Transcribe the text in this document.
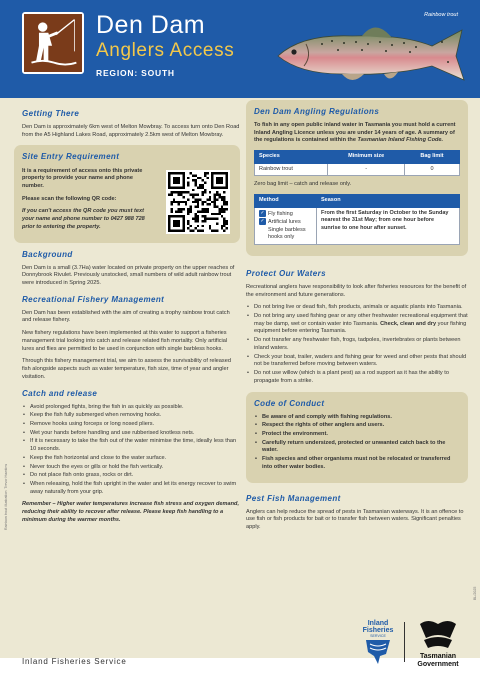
Den Dam
Anglers Access
REGION: SOUTH
Rainbow trout
Getting There

Den Dam is approximately 6km west of Melton Mowbray. To access turn onto Den Road from the A5 Highland Lakes Road, approximately 2.5km west of Melton Mowbray.

Site Entry Requirement

It is a requirement of access onto this private property to provide your name and phone number.

Please scan the following QR code:

If you can't access the QR code you must text your name and phone number to 0427 988 728 prior to entering the property.

Background

Den Dam is a small (3.7Ha) water located on private property on the upper reaches of Donnybrook Rivulet. Previously unstocked, small numbers of wild adult rainbow trout were introduced in Spring 2025.

Recreational Fishery Management

Den Dam has been established with the aim of creating a trophy rainbow trout catch and release fishery.

New fishery regulations have been implemented at this water to support a fisheries management trial looking into catch and release related fish mortality. Only artificial lures and flies are permitted to be used in conjunction with single barbless hooks.

Through this fishery management trial, we aim to assess the survivability of released fish alongside aspects such as water temperature, fish size, time of year and angler visitation.

Catch and release
• Avoid prolonged fights, bring the fish in as quickly as possible.
• Keep the fish fully submerged when removing hooks.
• Remove hooks using forceps or long nosed pliers.
• Wet your hands before handling and use rubberised knotless nets.
• If it is necessary to take the fish out of the water minimise the time, ideally less than 10 seconds.
• Keep the fish horizontal and close to the water surface.
• Never touch the eyes or gills or hold the fish vertically.
• Do not place fish onto grass, rocks or dirt.
• When releasing, hold the fish upright in the water and let its energy recover to swim away naturally from your grip.

Remember – Higher water temperatures increase fish stress and oxygen demand, reducing their ability to recover after release. Please keep fish handling to a minimum during the warmer months.

Den Dam Angling Regulations

To fish in any open public inland water in Tasmania you must hold a current Inland Angling Licence unless you are under 14 years of age. A summary of the regulations is contained within the Tasmanian Inland Fishing Code.

Species	Minimum size	Bag limit
Rainbow trout	-	0

Zero bag limit – catch and release only.

Method	Season

✓ Fly fishing
✓ Artificial lures
Single barbless hooks only	From the first Saturday in October to the Sunday nearest the 31st May; from one hour before sunrise to one hour after sunset.
Protect Our Waters

Recreational anglers have responsibility to look after fisheries resources for the benefit of the environment and future generations.

• Do not bring live or dead fish, fish products, animals or aquatic plants into Tasmania.
• Do not bring any used fishing gear or any other freshwater recreational equipment that may be damp, wet or contain water into Tasmania. Check, clean and dry your fishing equipment before entering Tasmania.
• Do not transfer any freshwater fish, frogs, tadpoles, invertebrates or plants between inland waters.
• Check your boat, trailer, waders and fishing gear for weed and other pests that should not be transferred before moving between waters.
• Do not use willow (which is a plant pest) as a rod support as it has the ability to propagate from a strike.
Code of Conduct
• Be aware of and comply with fishing regulations.
• Respect the rights of other anglers and users.
• Protect the environment.
• Carefully return undersized, protected or unwanted catch back to the water.
• Fish species and other organisms must not be relocated or transferred into other water bodies.
Pest Fish Management

Anglers can help reduce the spread of pests in Tasmanian waterways. It is an offence to use fish or fish products for bait or to transfer fish between waters. Significant penalties apply.

Inland Fisheries Service
Inland
Fisheries
SERVICE
Tasmanian
Government
Rainbow trout illustration: Trevor Hawkins
BL/2025
